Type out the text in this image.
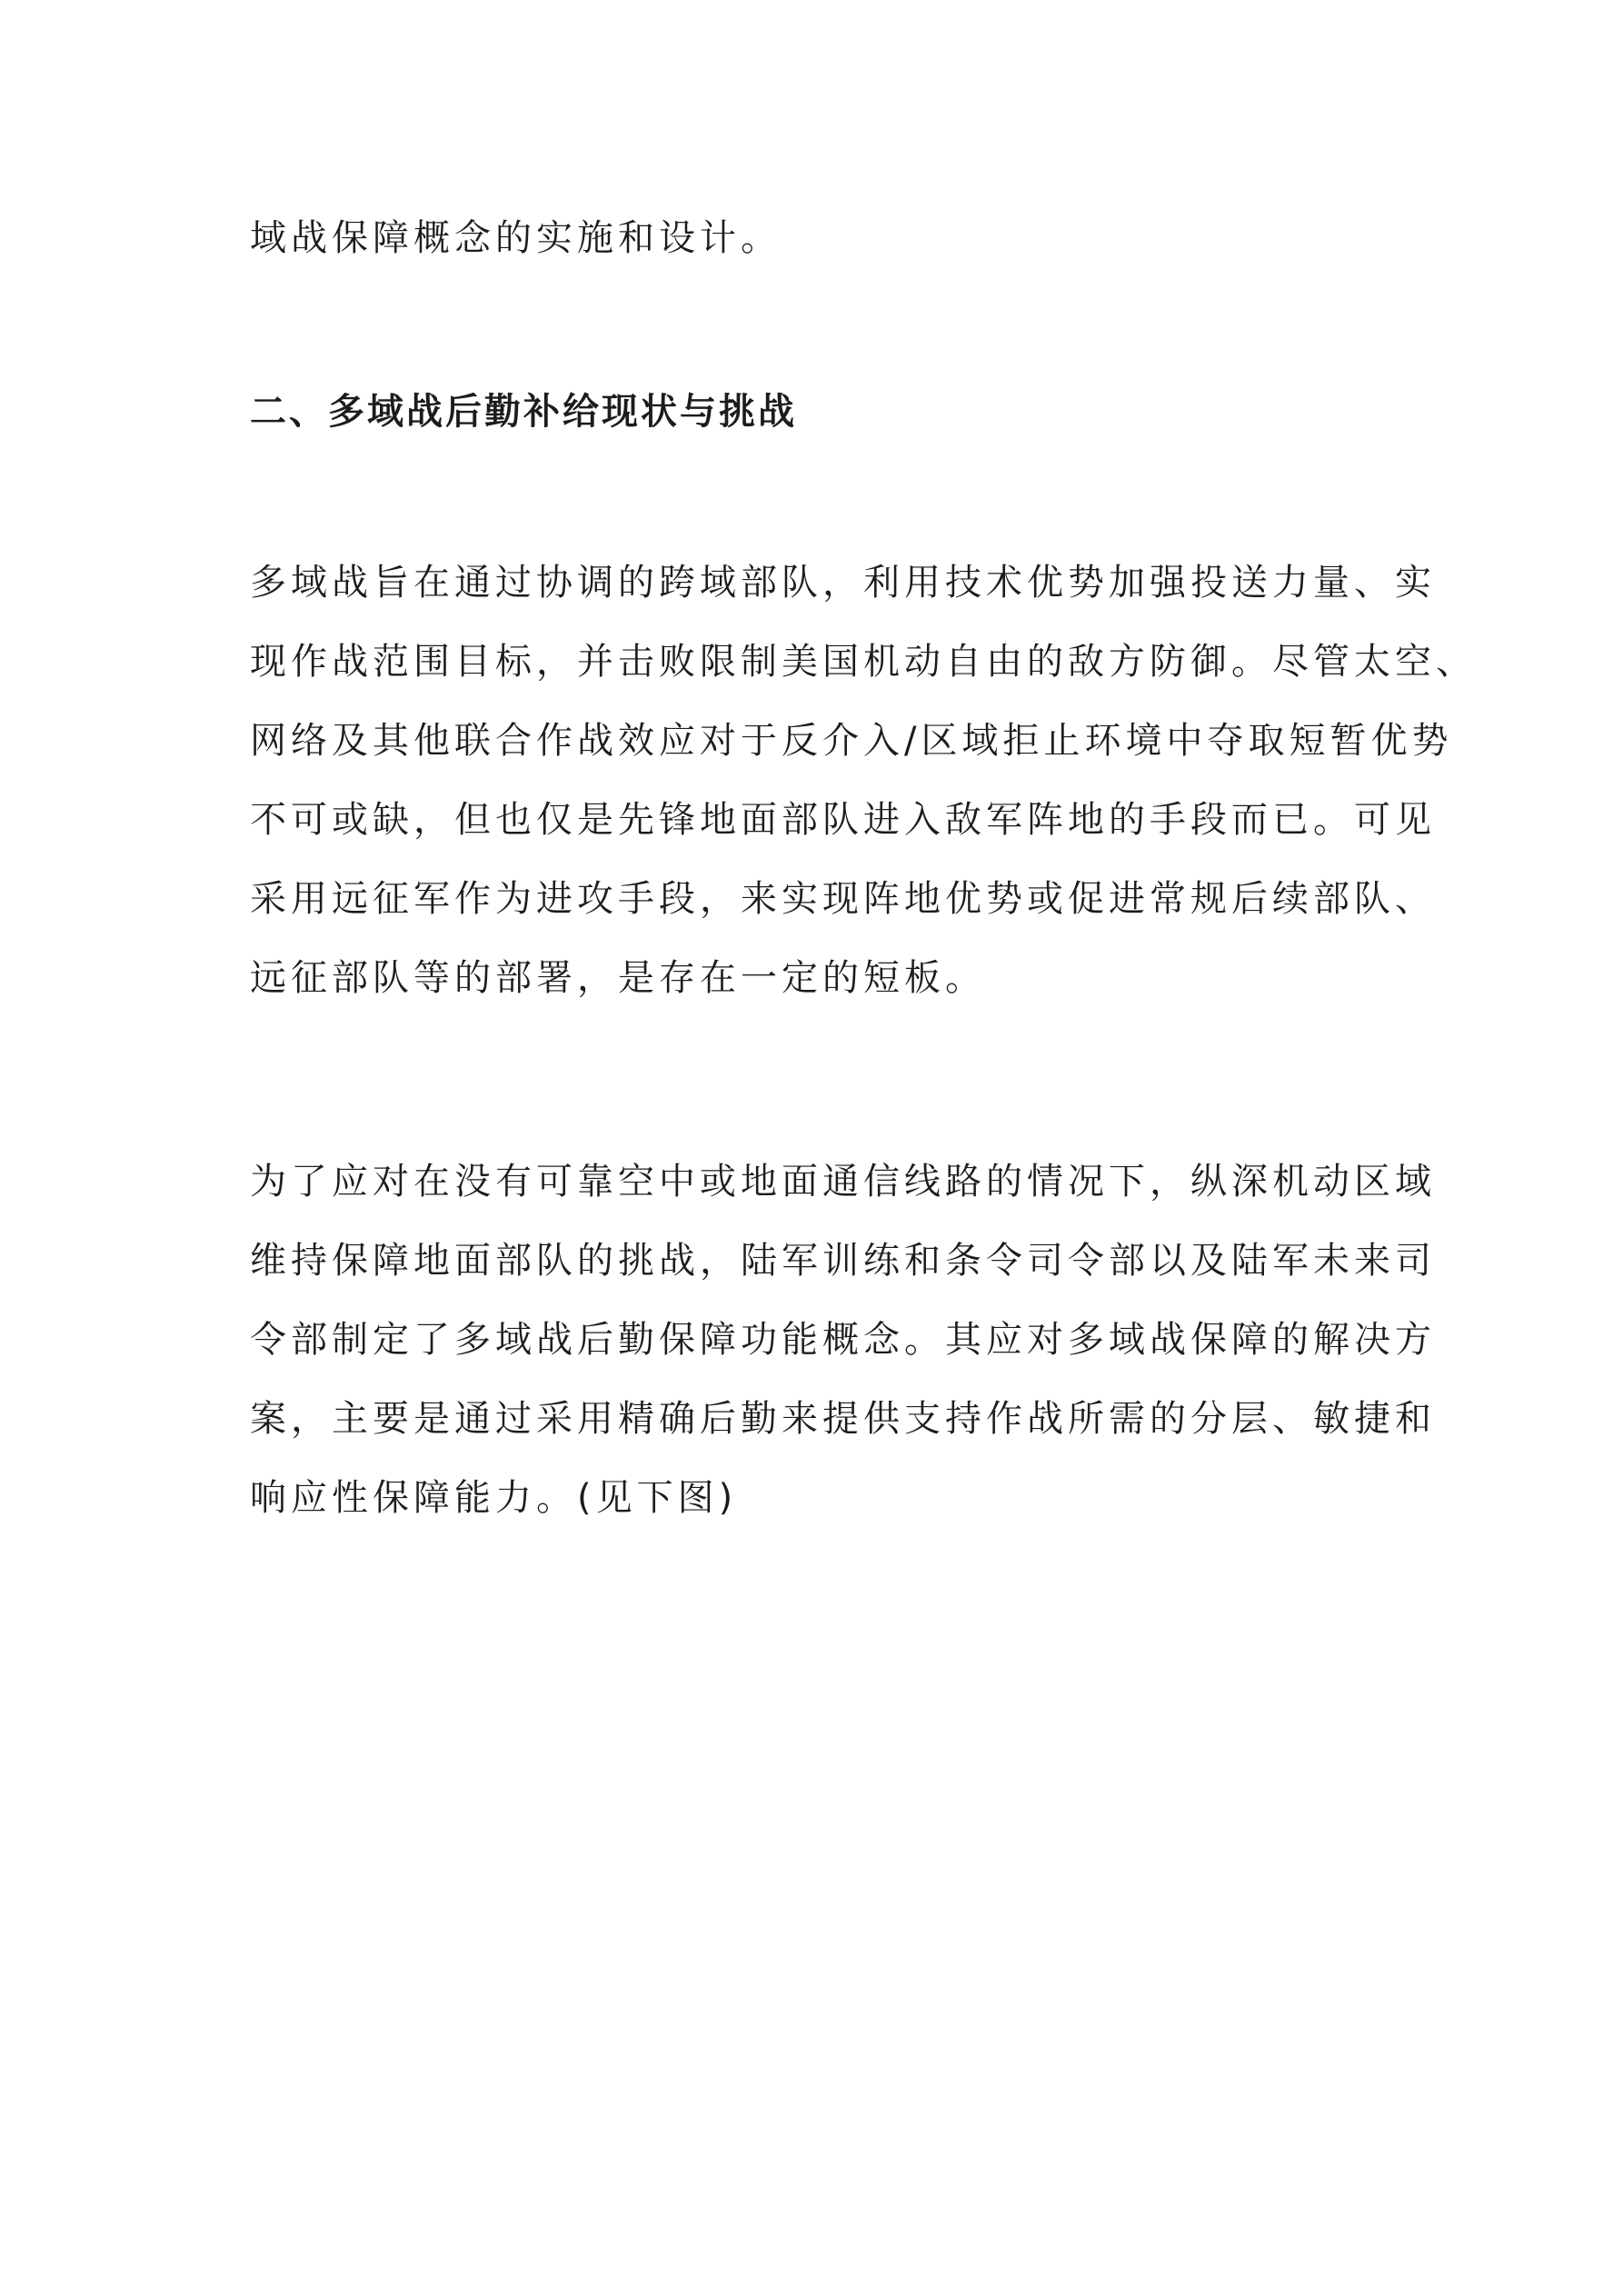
域战保障概念的实施和设计。
二、多域战后勤补给现状与挑战
多域战旨在通过协调的跨域部队，利用技术优势加强投送力量、实
现作战范围目标，并击败限制美国机动自由的敌方防御。尽管太空、
网络及其他联合作战效应对于反介入/区域拒止环境中夺取短暂优势
不可或缺，但也仅是先锋地面部队进入敌军阵地的手段而已。可见
采用远征军作为进攻手段，来实现阵地优势或促进常规后续部队、
远征部队等的部署，是存在一定的短板。
为了应对在没有可靠空中或地面通信线路的情况下，纵深机动区域
维持保障地面部队的挑战，陆军训练和条令司令部以及陆军未来司
令部制定了多域战后勤保障功能概念。其应对多域战保障的解决方
案，主要是通过采用精确后勤来提供支持作战所需的分层、敏捷和
响应性保障能力。(见下图)
